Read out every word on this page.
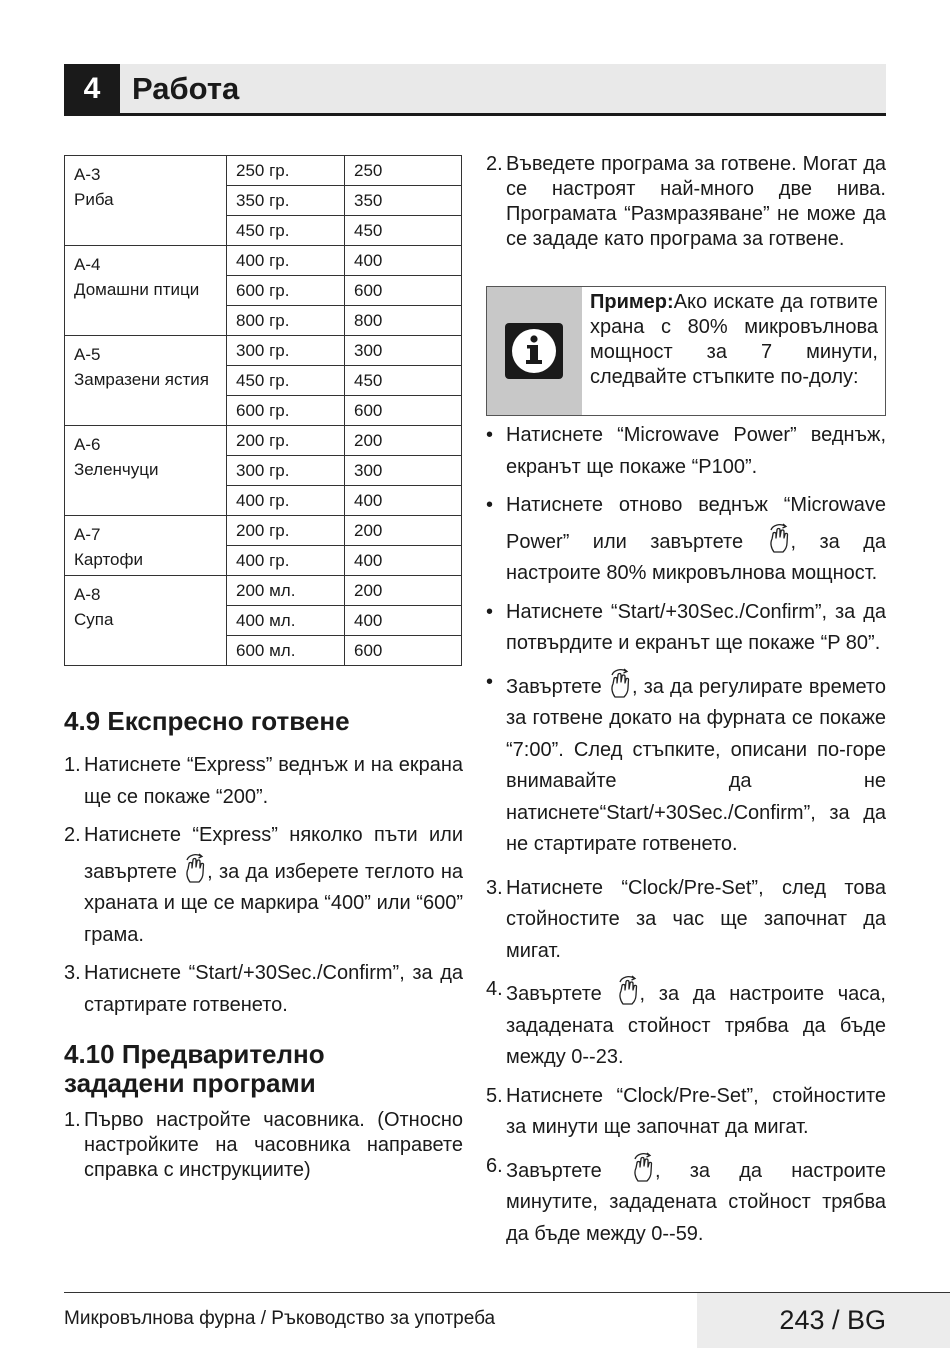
4	Работа
А-3
Риба	250 гр.	250
	350 гр.	350
	450 гр.	450

А-4
Домашни птици	400 гр.	400
	600 гр.	600
	800 гр.	800

А-5
Замразени ястия	300 гр.	300
	450 гр.	450
	600 гр.	600

А-6
Зеленчуци	200 гр.	200
	300 гр.	300
	400 гр.	400

А-7
Картофи	200 гр.	200
	400 гр.	400

А-8
Супа	200 мл.	200
	400 мл.	400
	600 мл.	600

4.9 Експресно готвене

1. Натиснете “Express” веднъж и на екрана ще се покаже “200”.

2. Натиснете “Express” няколко пъти или завъртете , за да изберете теглото на храната и ще се маркира “400” или “600” грама.

3. Натиснете “Start/+30Sec./Confirm”, за да стартирате готвенето.

4.10 Предварително
зададени програми

1. Първо настройте часовника. (Относно настройките на часовника направете справка с инструкциите)

2. Въведете програма за готвене. Могат да се настроят най-много две нива. Програмата “Размразяване” не може да се зададе като програма за готвене.

Пример:Ако искате да готвите храна с 80% микровълнова мощност за 7 минути, следвайте стъпките по-долу:

• Натиснете “Microwave Power” веднъж, екранът ще покаже “P100”.

• Натиснете отново веднъж “Microwave Power” или завъртете , за да настроите 80% микровълнова мощност.

• Натиснете “Start/+30Sec./Confirm”, за да потвърдите и екранът ще покаже “P 80”.

• Завъртете , за да регулирате времето за готвене докато на фурната се покаже “7:00”. След стъпките, описани по-горе внимавайте да не натиснете“Start/+30Sec./Confirm”, за да не стартирате готвенето.

3. Натиснете “Clock/Pre-Set”, след това стойностите за час ще започнат да мигат.

4. Завъртете , за да настроите часа, зададената стойност трябва да бъде между 0--23.

5. Натиснете “Clock/Pre-Set”, стойностите за минути ще започнат да мигат.

6. Завъртете	, за да настроите минутите, зададената стойност трябва да бъде между 0--59.

Микровълнова фурна / Ръководство за употреба	243 / BG
